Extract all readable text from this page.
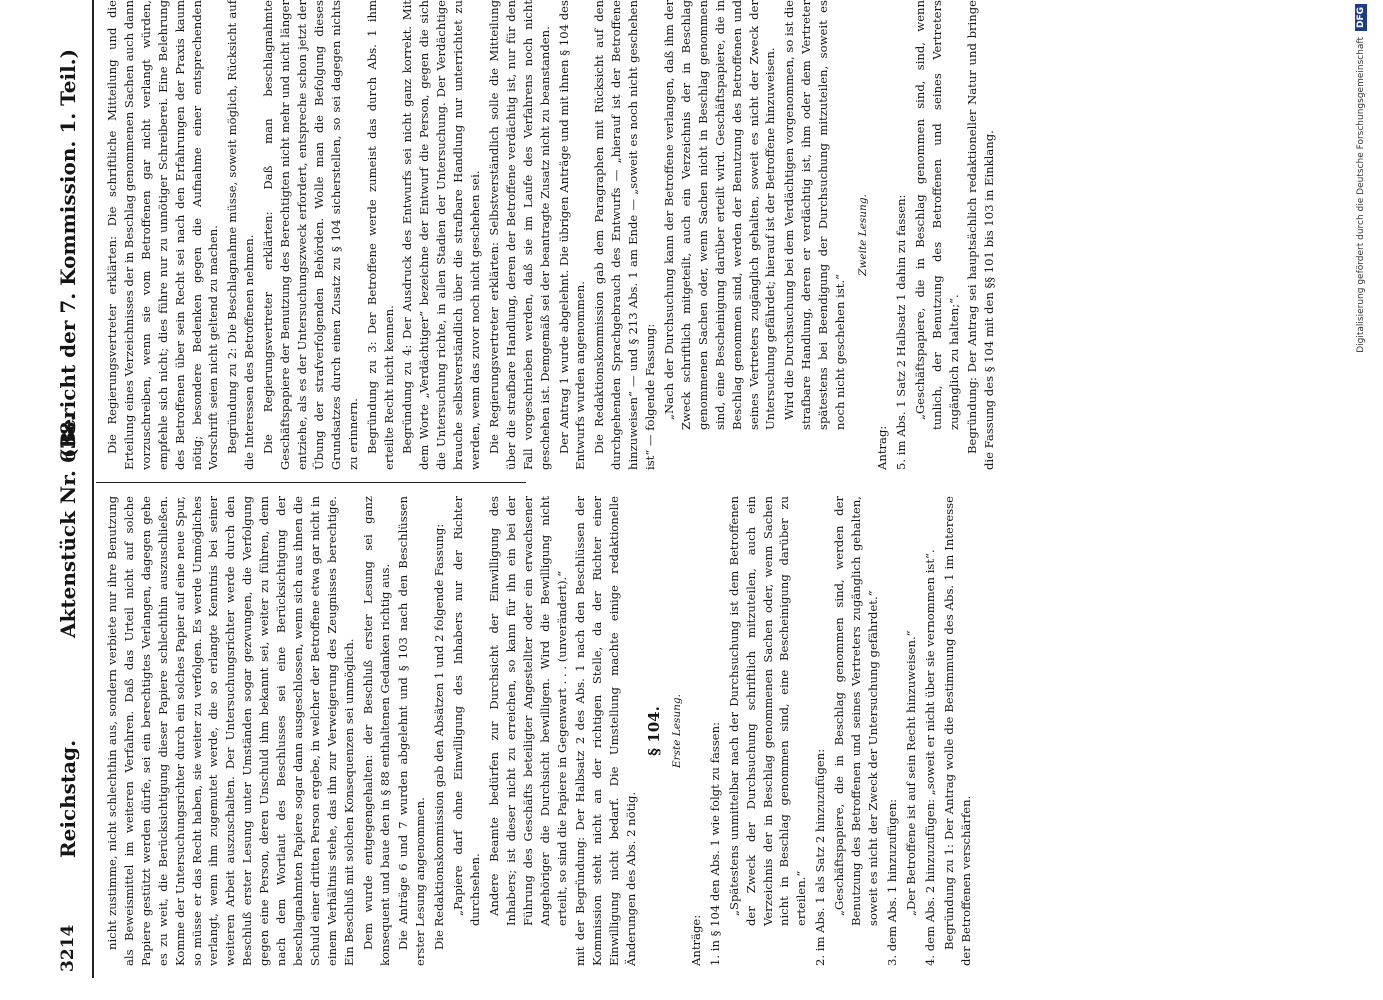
3214
Reichstag.
Aktenstück Nr. 638.
(Bericht der 7. Kommission. 1. Teil.)

nicht zustimme, nicht schlechthin aus, sondern verbiete nur ihre Benutzung als Beweismittel im weiteren Verfahren. Daß das Urteil nicht auf solche Papiere gestützt werden dürfe, sei ein berechtigtes Verlangen, dagegen gehe es zu weit, die Berücksichtigung dieser Papiere schlechthin auszuschließen. Komme der Untersuchungsrichter durch ein solches Papier auf eine neue Spur, so müsse er das Recht haben, sie weiter zu verfolgen. Es werde Unmögliches verlangt, wenn ihm zugemutet werde, die so erlangte Kenntnis bei seiner weiteren Arbeit auszuschalten. Der Untersuchungsrichter werde durch den Beschluß erster Lesung unter Umständen sogar gezwungen, die Verfolgung gegen eine Person, deren Unschuld ihm bekannt sei, weiter zu führen, denn nach dem Wortlaut des Beschlusses sei eine Berücksichtigung der beschlagnahmten Papiere sogar dann ausgeschlossen, wenn sich aus ihnen die Schuld einer dritten Person ergebe, in welcher der Betroffene etwa gar nicht in einem Verhältnis stehe, das ihn zur Verweigerung des Zeugnisses berechtige. Ein Beschluß mit solchen Konsequenzen sei unmöglich. Dem wurde entgegengehalten: der Beschluß erster Lesung sei ganz konsequent und baue den in § 88 enthaltenen Gedanken richtig aus. Die Anträge 6 und 7 wurden abgelehnt und § 103 nach den Beschlüssen erster Lesung angenommen. Die Redaktionskommission gab den Absätzen 1 und 2 folgende Fassung: „Papiere darf ohne Einwilligung des Inhabers nur der Richter durchsehen. Andere Beamte bedürfen zur Durchsicht der Einwilligung des Inhabers; ist dieser nicht zu erreichen, so kann für ihn ein bei der Führung des Geschäfts beteiligter Angestellter oder ein erwachsener Angehöriger die Durchsicht bewilligen. Wird die Bewilligung nicht erteilt, so sind die Papiere in Gegenwart . . . (unverändert).“ mit der Begründung: Der Halbsatz 2 des Abs. 1 nach den Beschlüssen der Kommission steht nicht an der richtigen Stelle, da der Richter einer Einwilligung nicht bedarf. Die Umstellung machte einige redaktionelle Änderungen des Abs. 2 nötig.

§ 104. Erste Lesung.

Anträge: 1. in § 104 den Abs. 1 wie folgt zu fassen: „Spätestens unmittelbar nach der Durchsuchung ist dem Betroffenen der Zweck der Durchsuchung schriftlich mitzuteilen, auch ein Verzeichnis der in Beschlag genommenen Sachen oder, wenn Sachen nicht in Beschlag genommen sind, eine Bescheinigung darüber zu erteilen.“ 2. im Abs. 1 als Satz 2 hinzuzufügen: „Geschäftspapiere, die in Beschlag genommen sind, werden der Benutzung des Betroffenen und seines Vertreters zugänglich gehalten, soweit es nicht der Zweck der Untersuchung gefährdet.“ 3. dem Abs. 1 hinzuzufügen: „Der Betroffene ist auf sein Recht hinzuweisen.“ 4. dem Abs. 2 hinzuzufügen: „soweit er nicht über sie vernommen ist“. Begründung zu 1: Der Antrag wolle die Bestimmung des Abs. 1 im Interesse der Betroffenen verschärfen.

Die Regierungsvertreter erklärten: Die schriftliche Mitteilung und die Erteilung eines Verzeichnisses der in Beschlag genommenen Sachen auch dann vorzuschreiben, wenn sie vom Betroffenen gar nicht verlangt würden, empfehle sich nicht; dies führe nur zu unnötiger Schreiberei. Eine Belehrung des Betroffenen über sein Recht sei nach den Erfahrungen der Praxis kaum nötig; besondere Bedenken gegen die Aufnahme einer entsprechenden Vorschrift seien nicht geltend zu machen. Begründung zu 2: Die Beschlagnahme müsse, soweit möglich, Rücksicht auf die Interessen des Betroffenen nehmen. Die Regierungsvertreter erklärten: Daß man beschlagnahmte Geschäftspapiere der Benutzung des Berechtigten nicht mehr und nicht länger entziehe, als es der Untersuchungszweck erfordert, entspreche schon jetzt der Übung der strafverfolgenden Behörden. Wolle man die Befolgung dieses Grundsatzes durch einen Zusatz zu § 104 sicherstellen, so sei dagegen nichts zu erinnern. Begründung zu 3: Der Betroffene werde zumeist das durch Abs. 1 ihm erteilte Recht nicht kennen. Begründung zu 4: Der Ausdruck des Entwurfs sei nicht ganz korrekt. Mit dem Worte „Verdächtiger“ bezeichne der Entwurf die Person, gegen die sich die Untersuchung richte, in allen Stadien der Untersuchung. Der Verdächtige brauche selbstverständlich über die strafbare Handlung nur unterrichtet zu werden, wenn das zuvor noch nicht geschehen sei. Die Regierungsvertreter erklärten: Selbstverständlich solle die Mitteilung über die strafbare Handlung, deren der Betroffene verdächtig ist, nur für den Fall vorgeschrieben werden, daß sie im Laufe des Verfahrens noch nicht geschehen ist. Demgemäß sei der beantragte Zusatz nicht zu beanstanden. Der Antrag 1 wurde abgelehnt. Die übrigen Anträge und mit ihnen § 104 des Entwurfs wurden angenommen. Die Redaktionskommission gab dem Paragraphen mit Rücksicht auf den durchgehenden Sprachgebrauch des Entwurfs — „hierauf ist der Betroffene hinzuweisen“ — und § 213 Abs. 1 am Ende — „soweit es noch nicht geschehen ist“ — folgende Fassung: „Nach der Durchsuchung kann der Betroffene verlangen, daß ihm der Zweck schriftlich mitgeteilt, auch ein Verzeichnis der in Beschlag genommenen Sachen oder, wenn Sachen nicht in Beschlag genommen sind, eine Bescheinigung darüber erteilt wird. Geschäftspapiere, die in Beschlag genommen sind, werden der Benutzung des Betroffenen und seines Vertreters zugänglich gehalten, soweit es nicht der Zweck der Untersuchung gefährdet; hierauf ist der Betroffene hinzuweisen. Wird die Durchsuchung bei dem Verdächtigen vorgenommen, so ist die strafbare Handlung, deren er verdächtig ist, ihm oder dem Vertreter spätestens bei Beendigung der Durchsuchung mitzuteilen, soweit es noch nicht geschehen ist.“

Zweite Lesung.

Antrag: 5. im Abs. 1 Satz 2 Halbsatz 1 dahin zu fassen: „Geschäftspapiere, die in Beschlag genommen sind, sind, wenn tunlich, der Benutzung des Betroffenen und seines Vertreters zugänglich zu halten;“. Begründung: Der Antrag sei hauptsächlich redaktioneller Natur und bringe die Fassung des § 104 mit den §§ 101 bis 103 in Einklang.	Digitalisierung gefördert durch die Deutsche Forschungsgemeinschaft
DFG
